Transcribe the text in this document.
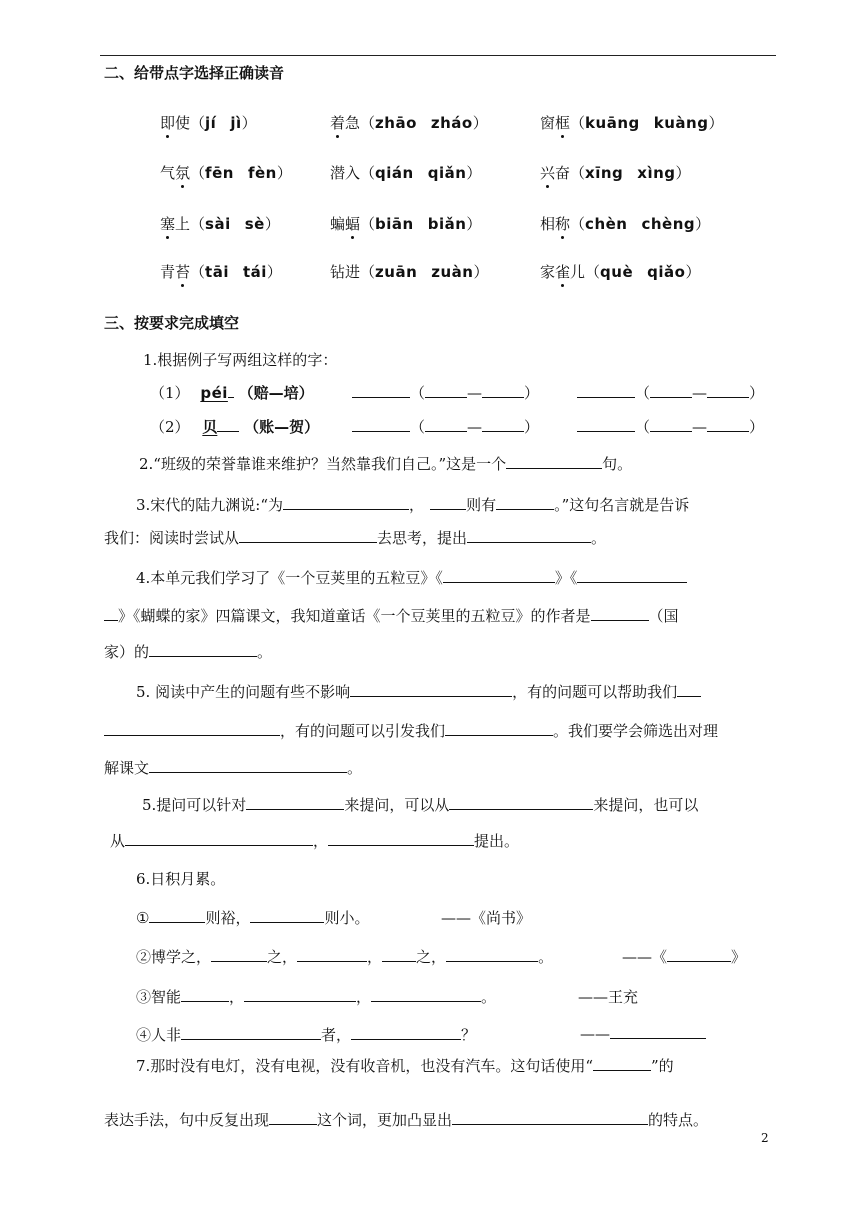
二、给带点字选择正确读音
即使（jí jì）	着急（zhāo zháo）	窗框（kuāng kuàng）
气氛（fēn fèn）	潜入（qián qiǎn）	兴奋（xīng xìng）
塞上（sài sè）	蝙蝠（biān biǎn）	相称（chèn chèng）
青苔（tāi tái）	钻进（zuān zuàn）	家雀儿（què qiǎo）
三、按要求完成填空
1.根据例子写两组这样的字：
（1） péi （赔—培）
（2） 贝 （账—贺）
（	—	）	（	—	）
（	—	）	（	—	）
2.“班级的荣誉靠谁来维护？当然靠我们自己。”这是一个	句。
3.宋代的陆九渊说:“为	，	则有	。”这句名言就是告诉
我们：阅读时尝试从	去思考，提出	。
4.本单元我们学习了《一个豆荚里的五粒豆》《	》《
》《蝴蝶的家》四篇课文，我知道童话《一个豆荚里的五粒豆》的作者是	（国
家）的	。
5. 阅读中产生的问题有些不影响	，有的问题可以帮助我们
，有的问题可以引发我们	。我们要学会筛选出对理
解课文	。
5.提问可以针对	来提问，可以从	来提问，也可以
从	，	提出。
6.日积月累。
①	则裕，	则小。	——《尚书》
②博学之，	之，	， 之，	。	——《	》
③智能	，	，	。	——王充
④人非	者，	？	——
7.那时没有电灯，没有电视，没有收音机，也没有汽车。这句话使用“	”的
表达手法，句中反复出现	这个词，更加凸显出	的特点。
2
